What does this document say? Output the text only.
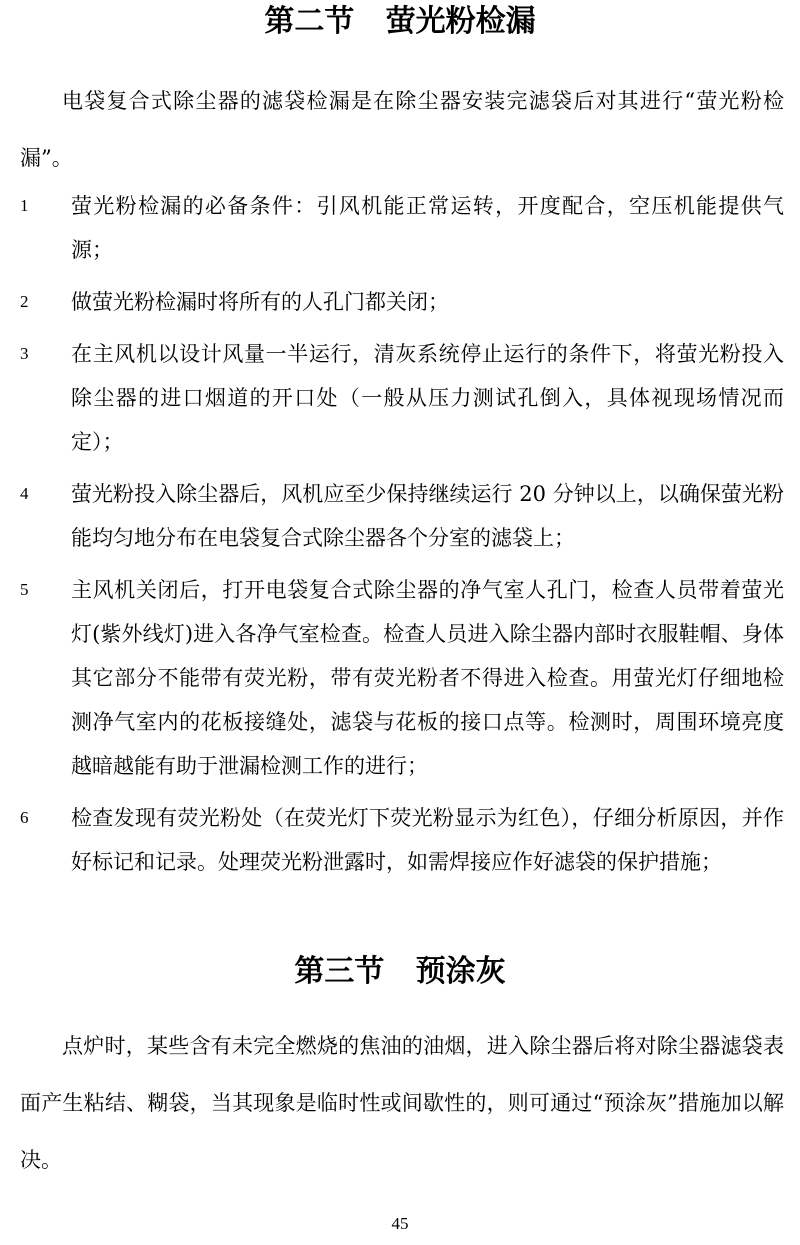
第二节   萤光粉检漏

电袋复合式除尘器的滤袋检漏是在除尘器安装完滤袋后对其进行“萤光粉检漏”。

1 萤光粉检漏的必备条件：引风机能正常运转，开度配合，空压机能提供气源；
2 做萤光粉检漏时将所有的人孔门都关闭；
3 在主风机以设计风量一半运行，清灰系统停止运行的条件下，将萤光粉投入除尘器的进口烟道的开口处（一般从压力测试孔倒入，具体视现场情况而定）；
4 萤光粉投入除尘器后，风机应至少保持继续运行 20 分钟以上，以确保萤光粉能均匀地分布在电袋复合式除尘器各个分室的滤袋上；
5 主风机关闭后，打开电袋复合式除尘器的净气室人孔门，检查人员带着萤光灯(紫外线灯)进入各净气室检查。检查人员进入除尘器内部时衣服鞋帽、身体其它部分不能带有荧光粉，带有荧光粉者不得进入检查。用萤光灯仔细地检测净气室内的花板接缝处，滤袋与花板的接口点等。检测时，周围环境亮度越暗越能有助于泄漏检测工作的进行；
6 检查发现有荧光粉处（在荧光灯下荧光粉显示为红色），仔细分析原因，并作好标记和记录。处理荧光粉泄露时，如需焊接应作好滤袋的保护措施；
第三节   预涂灰

点炉时，某些含有未完全燃烧的焦油的油烟，进入除尘器后将对除尘器滤袋表面产生粘结、糊袋，当其现象是临时性或间歇性的，则可通过“预涂灰”措施加以解决。

45
